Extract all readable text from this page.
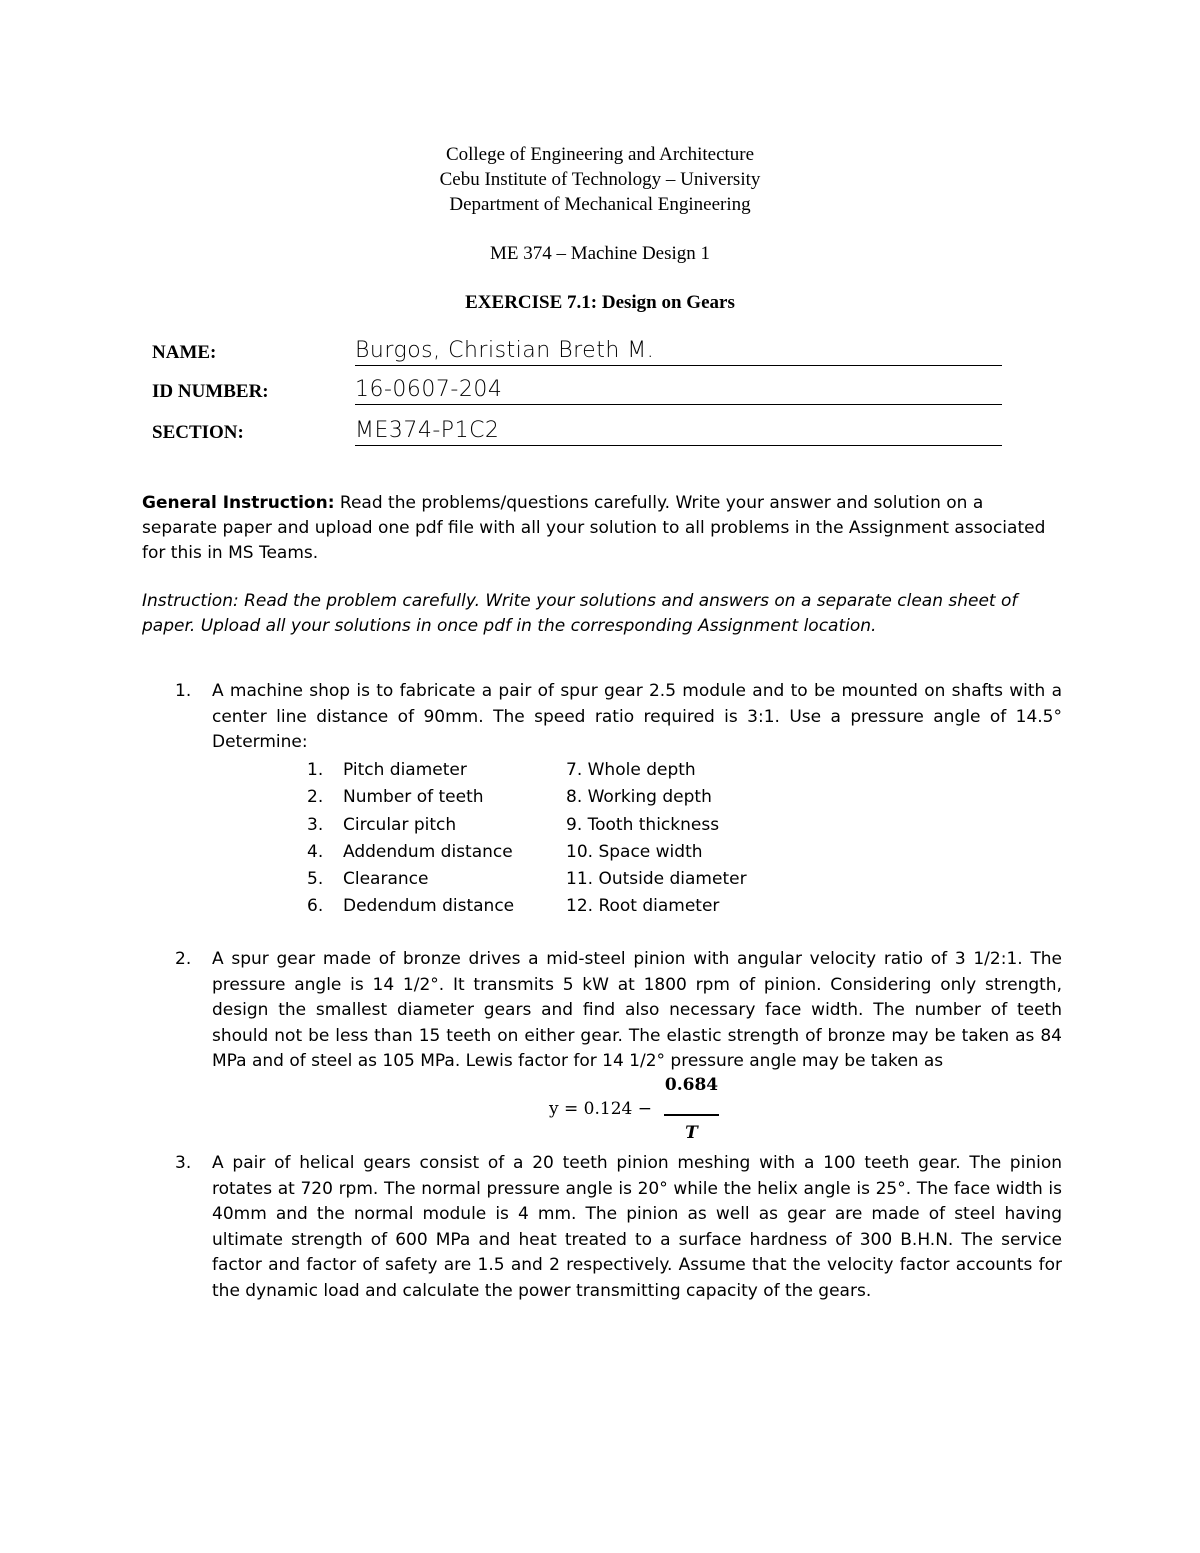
College of Engineering and Architecture
Cebu Institute of Technology – University
Department of Mechanical Engineering
ME 374 – Machine Design 1
EXERCISE 7.1: Design on Gears
NAME:	Burgos, Christian Breth M.
ID NUMBER:	16-0607-204
SECTION:	ME374-P1C2
General Instruction: Read the problems/questions carefully. Write your answer and solution on a separate paper and upload one pdf file with all your solution to all problems in the Assignment associated for this in MS Teams.
Instruction: Read the problem carefully. Write your solutions and answers on a separate clean sheet of paper. Upload all your solutions in once pdf in the corresponding Assignment location.
1. A machine shop is to fabricate a pair of spur gear 2.5 module and to be mounted on shafts with a center line distance of 90mm. The speed ratio required is 3:1. Use a pressure angle of 14.5° Determine:
1. Pitch diameter
2. Number of teeth
3. Circular pitch
4. Addendum distance
5. Clearance
6. Dedendum distance
7. Whole depth
8. Working depth
9. Tooth thickness
10. Space width
11. Outside diameter
12. Root diameter
2. A spur gear made of bronze drives a mid-steel pinion with angular velocity ratio of 3 1/2:1. The pressure angle is 14 1/2°. It transmits 5 kW at 1800 rpm of pinion. Considering only strength, design the smallest diameter gears and find also necessary face width. The number of teeth should not be less than 15 teeth on either gear. The elastic strength of bronze may be taken as 84 MPa and of steel as 105 MPa. Lewis factor for 14 1/2° pressure angle may be taken as
y = 0.124 −
0.684
T
3. A pair of helical gears consist of a 20 teeth pinion meshing with a 100 teeth gear. The pinion rotates at 720 rpm. The normal pressure angle is 20° while the helix angle is 25°. The face width is 40mm and the normal module is 4 mm. The pinion as well as gear are made of steel having ultimate strength of 600 MPa and heat treated to a surface hardness of 300 B.H.N. The service factor and factor of safety are 1.5 and 2 respectively. Assume that the velocity factor accounts for the dynamic load and calculate the power transmitting capacity of the gears.
